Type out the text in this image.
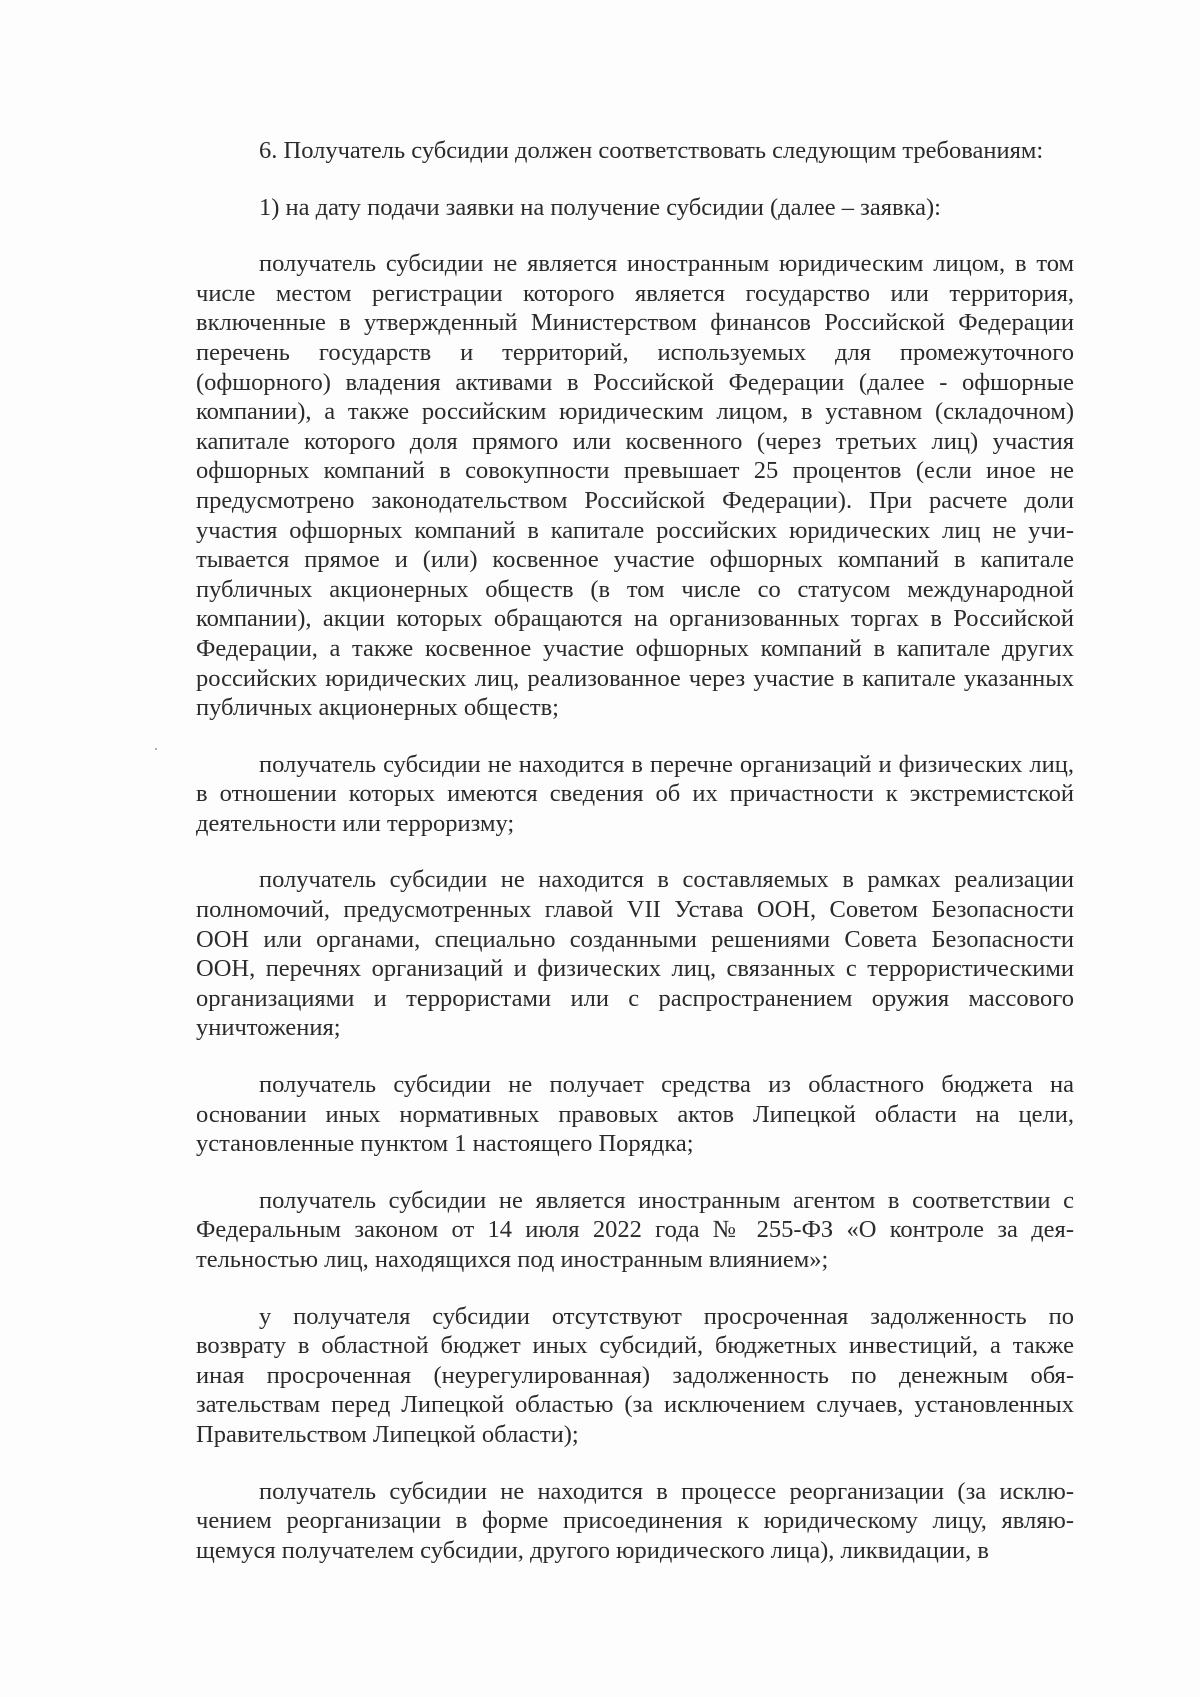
6. Получатель субсидии должен соответствовать следующим требованиям:

1) на дату подачи заявки на получение субсидии (далее – заявка):

получатель субсидии не является иностранным юридическим лицом, в том числе местом регистрации которого является государство или территория, включенные в утвержденный Министерством финансов Российской Федерации перечень государств и территорий, используемых для промежуточного (офшорного) владения активами в Российской Федерации (далее - офшорные компании), а также российским юридическим лицом, в уставном (складочном) капитале которого доля прямого или косвенного (через третьих лиц) участия офшорных компаний в совокупности превышает 25 процентов (если иное не предусмотрено законодательством Российской Федерации). При расчете доли участия офшорных компаний в капитале российских юридических лиц не учитывается прямое и (или) косвенное участие офшорных компаний в капитале публичных акционерных обществ (в том числе со статусом международной компании), акции которых обращаются на организованных торгах в Российской Федерации, а также косвенное участие офшорных компаний в капитале других российских юридических лиц, реализованное через участие в капитале указанных публичных акционерных обществ;

получатель субсидии не находится в перечне организаций и физических лиц, в отношении которых имеются сведения об их причастности к экстремистской деятельности или терроризму;

получатель субсидии не находится в составляемых в рамках реализации полномочий, предусмотренных главой VII Устава ООН, Советом Безопасности ООН или органами, специально созданными решениями Совета Безопасности ООН, перечнях организаций и физических лиц, связанных с террористическими организациями и террористами или с распространением оружия массового уничтожения;

получатель субсидии не получает средства из областного бюджета на основании иных нормативных правовых актов Липецкой области на цели, установленные пунктом 1 настоящего Порядка;

получатель субсидии не является иностранным агентом в соответствии с Федеральным законом от 14 июля 2022 года № 255-ФЗ «О контроле за деятельностью лиц, находящихся под иностранным влиянием»;

у получателя субсидии отсутствуют просроченная задолженность по возврату в областной бюджет иных субсидий, бюджетных инвестиций, а также иная просроченная (неурегулированная) задолженность по денежным обязательствам перед Липецкой областью (за исключением случаев, установленных Правительством Липецкой области);

получатель субсидии не находится в процессе реорганизации (за исключением реорганизации в форме присоединения к юридическому лицу, являющемуся получателем субсидии, другого юридического лица), ликвидации, в
